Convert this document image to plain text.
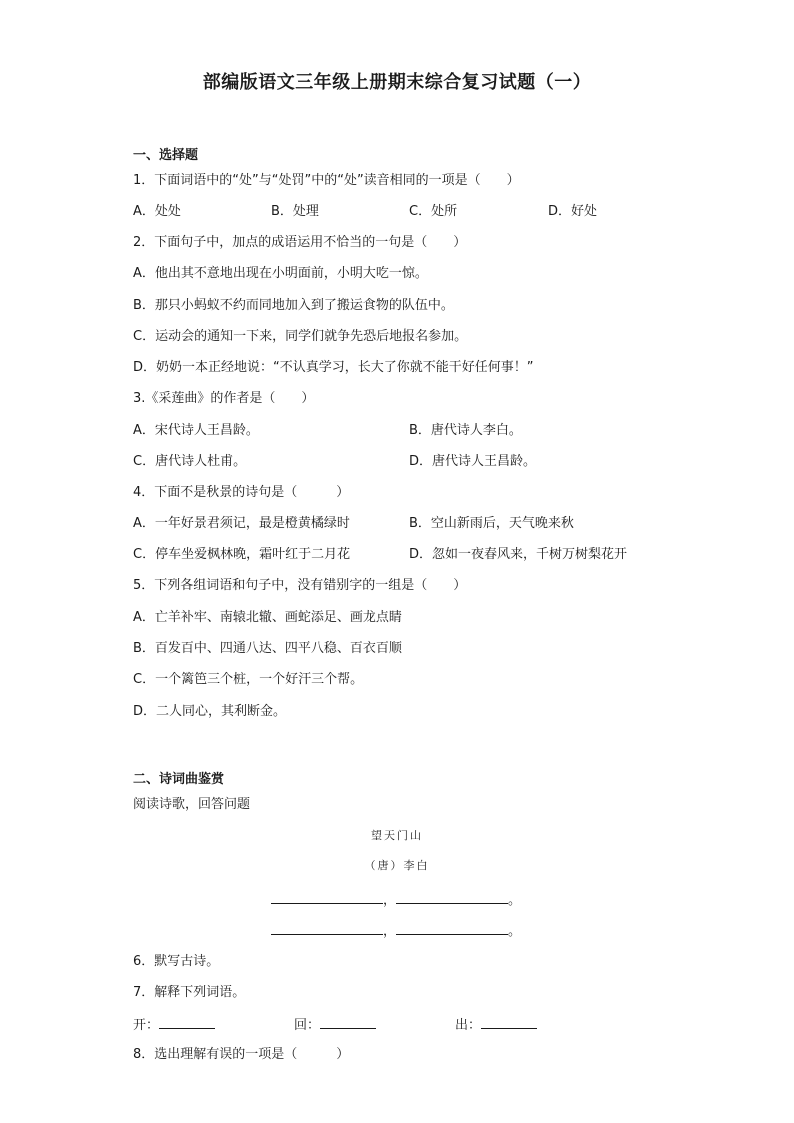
部编版语文三年级上册期末综合复习试题（一）
一、选择题
1．下面词语中的“处”与“处罚”中的“处”读音相同的一项是（　　）
A．处处	B．处理	C．处所	D．好处
2．下面句子中，加点的成语运用不恰当的一句是（　　）
A．他出其不意地出现在小明面前，小明大吃一惊。
B．那只小蚂蚁不约而同地加入到了搬运食物的队伍中。
C．运动会的通知一下来，同学们就争先恐后地报名参加。
D．奶奶一本正经地说：“不认真学习，长大了你就不能干好任何事！”
3.《采莲曲》的作者是（　　）
A．宋代诗人王昌龄。	B．唐代诗人李白。
C．唐代诗人杜甫。	D．唐代诗人王昌龄。
4．下面不是秋景的诗句是（　　　）
A．一年好景君须记，最是橙黄橘绿时	B．空山新雨后，天气晚来秋
C．停车坐爱枫林晚，霜叶红于二月花	D．忽如一夜春风来，千树万树梨花开
5．下列各组词语和句子中，没有错别字的一组是（　　）
A．亡羊补牢、南辕北辙、画蛇添足、画龙点睛
B．百发百中、四通八达、四平八稳、百衣百顺
C．一个篱笆三个桩，一个好汗三个帮。
D．二人同心，其利断金。
二、诗词曲鉴赏
阅读诗歌，回答问题
望天门山
（唐）李白
，	。
，	。
6．默写古诗。
7．解释下列词语。
开：	回：	出：
8．选出理解有误的一项是（　　　）
